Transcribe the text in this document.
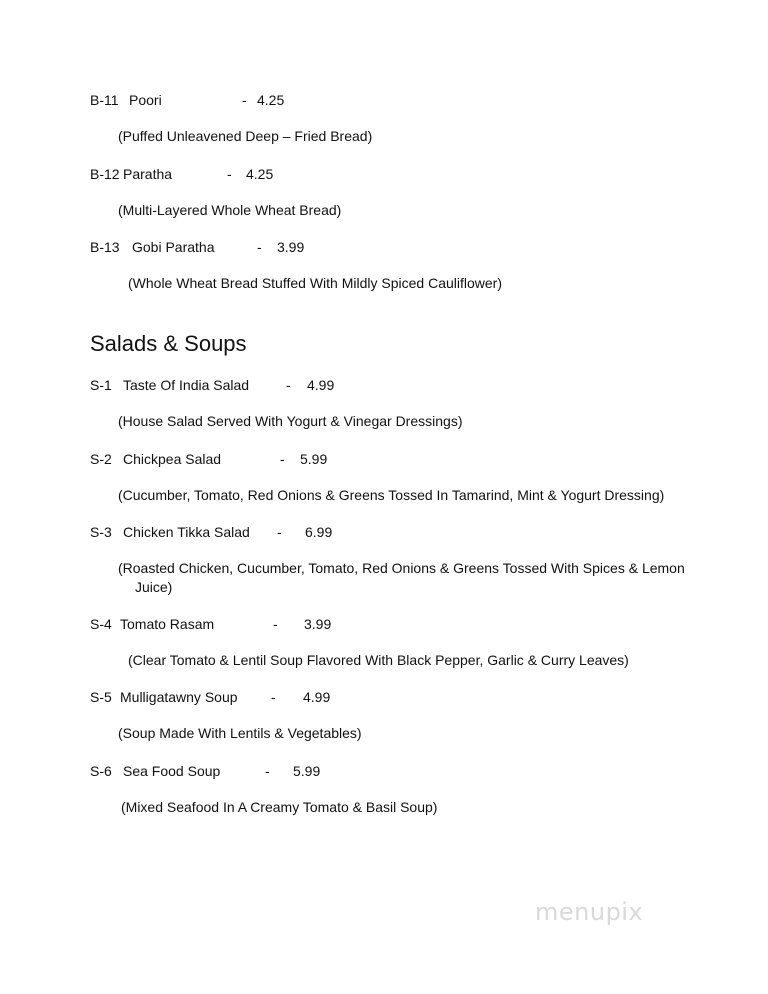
B-11 Poori	- 4.25
(Puffed Unleavened Deep – Fried Bread)
B-12 Paratha	- 4.25
(Multi-Layered Whole Wheat Bread)
B-13 Gobi Paratha	- 3.99
(Whole Wheat Bread Stuffed With Mildly Spiced Cauliflower)
Salads & Soups
S-1 Taste Of India Salad	- 4.99
(House Salad Served With Yogurt & Vinegar Dressings)
S-2 Chickpea Salad	- 5.99
(Cucumber, Tomato, Red Onions & Greens Tossed In Tamarind, Mint & Yogurt Dressing)
S-3 Chicken Tikka Salad - 6.99
(Roasted Chicken, Cucumber, Tomato, Red Onions & Greens Tossed With Spices & Lemon
Juice)
S-4 Tomato Rasam	- 3.99
(Clear Tomato & Lentil Soup Flavored With Black Pepper, Garlic & Curry Leaves)
S-5 Mulligatawny Soup - 4.99
(Soup Made With Lentils & Vegetables)
S-6 Sea Food Soup	- 5.99
(Mixed Seafood In A Creamy Tomato & Basil Soup)
menupix
